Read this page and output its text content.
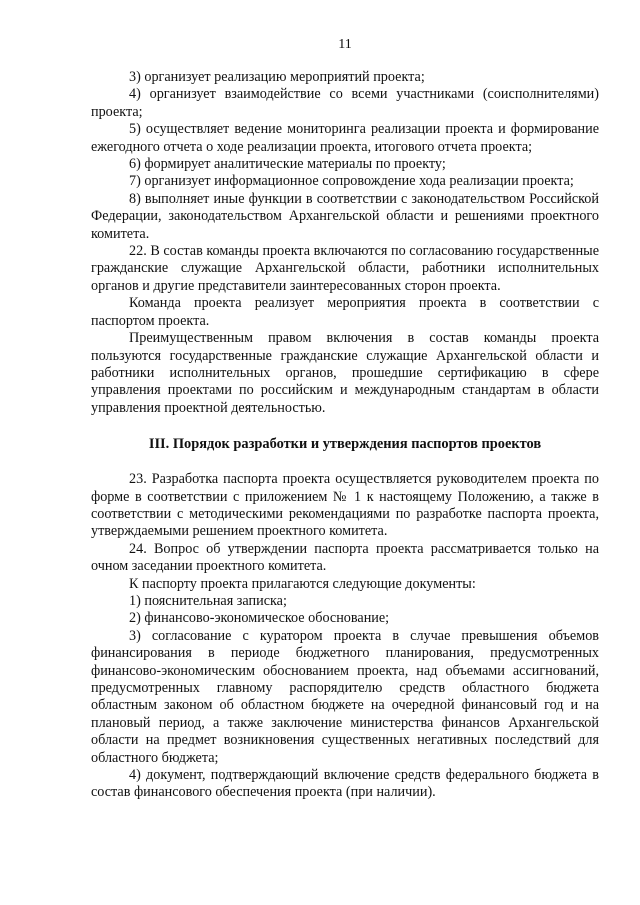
11

3) организует реализацию мероприятий проекта;

4) организует взаимодействие со всеми участниками (соисполнителями) проекта;

5) осуществляет ведение мониторинга реализации проекта и формирование ежегодного отчета о ходе реализации проекта, итогового отчета проекта;

6) формирует аналитические материалы по проекту;

7) организует информационное сопровождение хода реализации проекта;

8) выполняет иные функции в соответствии с законодательством Российской Федерации, законодательством Архангельской области и решениями проектного комитета.

22. В состав команды проекта включаются по согласованию государственные гражданские служащие Архангельской области, работники исполнительных органов и другие представители заинтересованных сторон проекта.

Команда проекта реализует мероприятия проекта в соответствии с паспортом проекта.

Преимущественным правом включения в состав команды проекта пользуются государственные гражданские служащие Архангельской области и работники исполнительных органов, прошедшие сертификацию в сфере управления проектами по российским и международным стандартам в области управления проектной деятельностью.

III. Порядок разработки и утверждения паспортов проектов

23. Разработка паспорта проекта осуществляется руководителем проекта по форме в соответствии с приложением № 1 к настоящему Положению, а также в соответствии с методическими рекомендациями по разработке паспорта проекта, утверждаемыми решением проектного комитета.

24. Вопрос об утверждении паспорта проекта рассматривается только на очном заседании проектного комитета.

К паспорту проекта прилагаются следующие документы:

1) пояснительная записка;

2) финансово-экономическое обоснование;

3) согласование с куратором проекта в случае превышения объемов финансирования в периоде бюджетного планирования, предусмотренных финансово-экономическим обоснованием проекта, над объемами ассигнований, предусмотренных главному распорядителю средств областного бюджета областным законом об областном бюджете на очередной финансовый год и на плановый период, а также заключение министерства финансов Архангельской области на предмет возникновения существенных негативных последствий для областного бюджета;

4) документ, подтверждающий включение средств федерального бюджета в состав финансового обеспечения проекта (при наличии).
